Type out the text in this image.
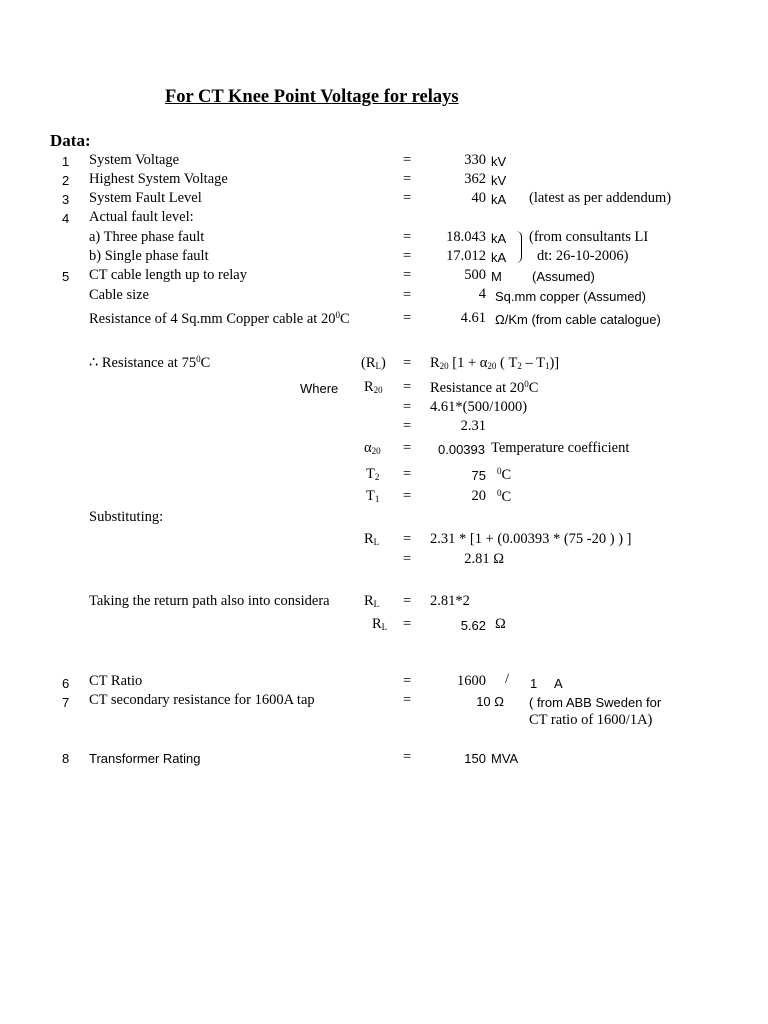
For CT Knee Point Voltage for relays
Data:
1 System Voltage	=	330 kV
2 Highest System Voltage	=	362 kV
3 System Fault Level	=	40 kA (latest as per addendum)
4 Actual fault level:
a) Three phase fault	=	18.043 kA (from consultants LI
b) Single phase fault	=	17.012 kA dt: 26-10-2006)
5 CT cable length up to relay	=	500 M (Assumed)
Cable size	=	4 Sq.mm copper (Assumed)
Resistance of 4 Sq.mm Copper cable at $20^0C$	=	4.61 Ω/Km (from cable catalogue)
∴ Resistance at $75^0C$	$(R_L) = R_{20}$ [$1 + \alpha_{20}$ ( $T_2 - T_1$)]
Where $R_{20}$ = Resistance at $20^0C$
= 4.61*(500/1000)
=	2.31
$\alpha_{20} = 0.00393$ Temperature coefficient
$T_2$ =	75 $^0$C
$T_1$ =	20 $^0$C
Substituting:
$R_L = 2.31 * [1 + (0.00393 * (75$ -20 ) ) ]
=	2.81 Ω
Taking the return path also into considera $R_L = 2.81*2$
$R_L$ =	5.62 Ω
6 CT Ratio	=	1600 / 1 A
7 CT secondary resistance for 1600A tap	=	10 Ω ( from ABB Sweden for
CT ratio of 1600/1A)
8 Transformer Rating	=	150 MVA
